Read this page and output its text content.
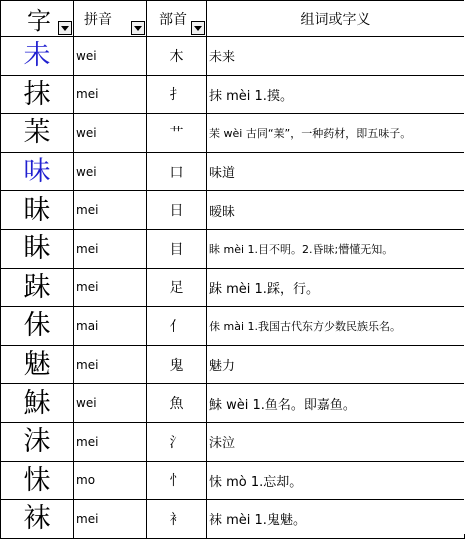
字	拼音	部首	组词或字义
未	wei	木	未来
抹	mei	扌	抹 mèi 1.摸。
苿	wei	艹	苿 wèi 古同“䒹”，一种药材，即五味子。
味	wei	口	味道
昧	mei	日	暧昧
眛	mei	目	眛 mèi 1.目不明。2.昏昧;懵懂无知。
跊	mei	足	跊 mèi 1.踩，行。
佅	mai	亻	佅 mài 1.我国古代东方少数民族乐名。
魅	mei	鬼	魅力
鮇	wei	魚	鮇 wèi 1.鱼名。即嘉鱼。
沬	mei	氵	沬泣
怽	mo	忄	怽 mò 1.忘却。
袜	mei	衤	袜 mèi 1.鬼魅。
